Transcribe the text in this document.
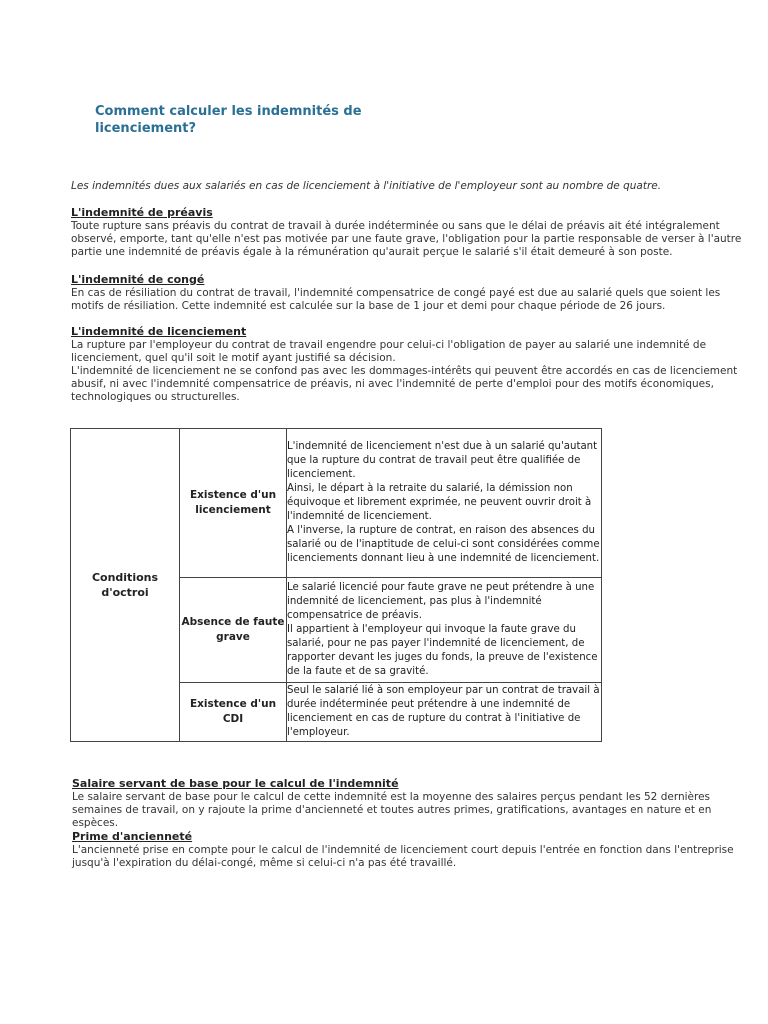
Comment calculer les indemnités de licenciement?
Les indemnités dues aux salariés en cas de licenciement à l'initiative de l'employeur sont au nombre de quatre.
L'indemnité de préavis

Toute rupture sans préavis du contrat de travail à durée indéterminée ou sans que le délai de préavis ait été intégralement observé, emporte, tant qu'elle n'est pas motivée par une faute grave, l'obligation pour la partie responsable de verser à l'autre partie une indemnité de préavis égale à la rémunération qu'aurait perçue le salarié s'il était demeuré à son poste.

L'indemnité de congé

En cas de résiliation du contrat de travail, l'indemnité compensatrice de congé payé est due au salarié quels que soient les motifs de résiliation. Cette indemnité est calculée sur la base de 1 jour et demi pour chaque période de 26 jours.

L'indemnité de licenciement

La rupture par l'employeur du contrat de travail engendre pour celui-ci l'obligation de payer au salarié une indemnité de licenciement, quel qu'il soit le motif ayant justifié sa décision.

L'indemnité de licenciement ne se confond pas avec les dommages-intérêts qui peuvent être accordés en cas de licenciement abusif, ni avec l'indemnité compensatrice de préavis, ni avec l'indemnité de perte d'emploi pour des motifs économiques, technologiques ou structurelles.

Conditions d'octroi	Existence d'un licenciement	L'indemnité de licenciement n'est due à un salarié qu'autant que la rupture du contrat de travail peut être qualifiée de licenciement.
Ainsi, le départ à la retraite du salarié, la démission non équivoque et librement exprimée, ne peuvent ouvrir droit à l'indemnité de licenciement.
A l'inverse, la rupture de contrat, en raison des absences du salarié ou de l'inaptitude de celui-ci sont considérées comme licenciements donnant lieu à une indemnité de licenciement.

	Absence de faute grave	Le salarié licencié pour faute grave ne peut prétendre à une indemnité de licenciement, pas plus à l'indemnité compensatrice de préavis.
Il appartient à l'employeur qui invoque la faute grave du salarié, pour ne pas payer l'indemnité de licenciement, de rapporter devant les juges du fonds, la preuve de l'existence de la faute et de sa gravité.

	Existence d'un CDI	Seul le salarié lié à son employeur par un contrat de travail à durée indéterminée peut prétendre à une indemnité de licenciement en cas de rupture du contrat à l'initiative de l'employeur.
Salaire servant de base pour le calcul de l'indemnité

Le salaire servant de base pour le calcul de cette indemnité est la moyenne des salaires perçus pendant les 52 dernières semaines de travail, on y rajoute la prime d'ancienneté et toutes autres primes, gratifications, avantages en nature et en espèces.

Prime d'ancienneté

L'ancienneté prise en compte pour le calcul de l'indemnité de licenciement court depuis l'entrée en fonction dans l'entreprise jusqu'à l'expiration du délai-congé, même si celui-ci n'a pas été travaillé.
